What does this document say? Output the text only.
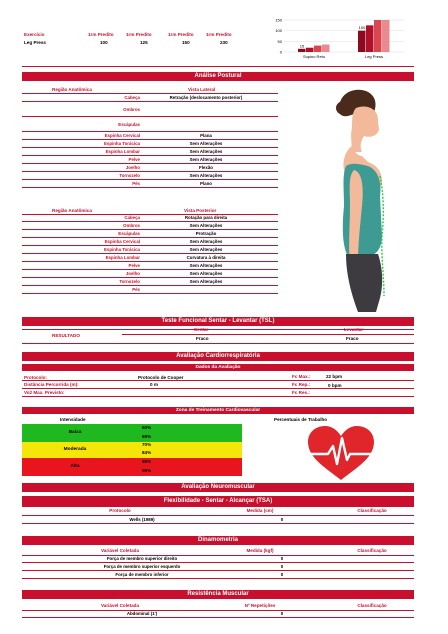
Exercício	1rm Predito	1rm Predito	1rm Predito	1rm Predito
Leg Press	100	125	150	230
150
100
50
0
15
Supino Reto
100
Leg Press
Análise Postural
Região Anatômica	Vista Lateral
Cabeça	Retração (deslocamento posterior)
Ombros
Escápulas
Espinha Cervical	Plana
Espinha Torácica	Sem Alterações
Espinha Lombar	Sem Alterações
Pelve	Sem Alterações
Joelho	Flexão
Tornozelo	Sem Alterações
Pés	Plano
Região Anatômica	Vista Posterior
Cabeça	Rotação para direita
Ombros	Sem Alterações
Escápulas	Protração
Espinha Cervical	Sem Alterações
Espinha Torácica	Sem Alterações
Espinha Lombar	Curvatura à direita
Pelve	Sem Alterações
Joelho	Sem Alterações
Tornozelo	Sem Alterações
Pés
Teste Funcional Sentar - Levantar (TSL)
RESULTADO
Sentar	Levantar
Fraco	Fraco
Avaliação Cardiorrespiratória
Dados da Avaliação
Protocolo:	Protocolo de Cooper
Distância Percorrida (m):	0 m
Vo2 Max. Previsto:
Fc Max.:	22 bpm
Fc Rep.:	0 bpm
Fc Res.:
Zona de Treinamento Cardiovascular
Intensidade	Percentuais de Trabalho
Baixa
50%
69%
Moderada
70%
84%
Alta
85%
95%
Avaliação Neuromuscular
Flexibilidade - Sentar - Alcançar (TSA)
Protocolo	Medida (cm)	Classificação
Wells (1989)	0
Dinamometria
Variável Coletada	Medida (kgf)	Classificação
Força de membro superior direito	0
Força de membro superior esquerdo	0
Força de membro inferior	0
Resistência Muscular
Variável Coletada	Nº Repetições	Classificação
Abdominal (1')	0
